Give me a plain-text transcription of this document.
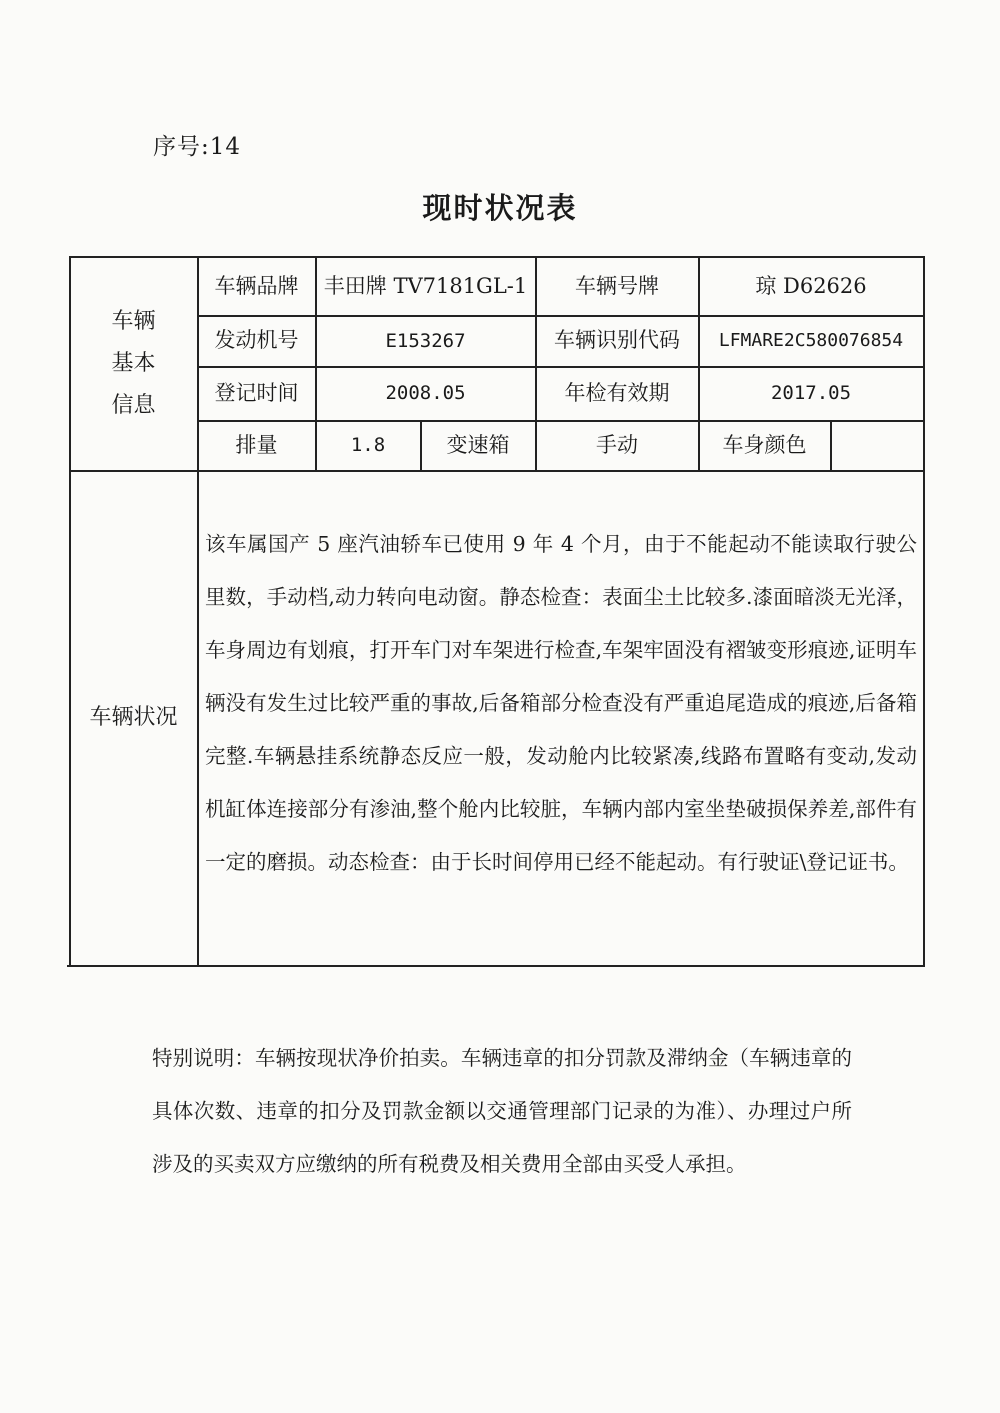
序号:14
现时状况表
车辆
基本
信息
车辆品牌	丰田牌 TV7181GL-1	车辆号牌	琼 D62626
发动机号	E153267	车辆识别代码	LFMARE2C580076854
登记时间	2008.05	年检有效期	2017.05
排量	1.8	变速箱	手动	车身颜色
车辆状况
该车属国产 5 座汽油轿车已使用 9 年 4 个月，由于不能起动不能读取行驶公里数，手动档,动力转向电动窗。静态检查：表面尘土比较多.漆面暗淡无光泽，车身周边有划痕，打开车门对车架进行检查,车架牢固没有褶皱变形痕迹,证明车辆没有发生过比较严重的事故,后备箱部分检查没有严重追尾造成的痕迹,后备箱完整.车辆悬挂系统静态反应一般，发动舱内比较紧凑,线路布置略有变动,发动机缸体连接部分有渗油,整个舱内比较脏，车辆内部内室坐垫破损保养差,部件有一定的磨损。动态检查：由于长时间停用已经不能起动。有行驶证\登记证书。
特别说明：车辆按现状净价拍卖。车辆违章的扣分罚款及滞纳金（车辆违章的具体次数、违章的扣分及罚款金额以交通管理部门记录的为准）、办理过户所涉及的买卖双方应缴纳的所有税费及相关费用全部由买受人承担。
